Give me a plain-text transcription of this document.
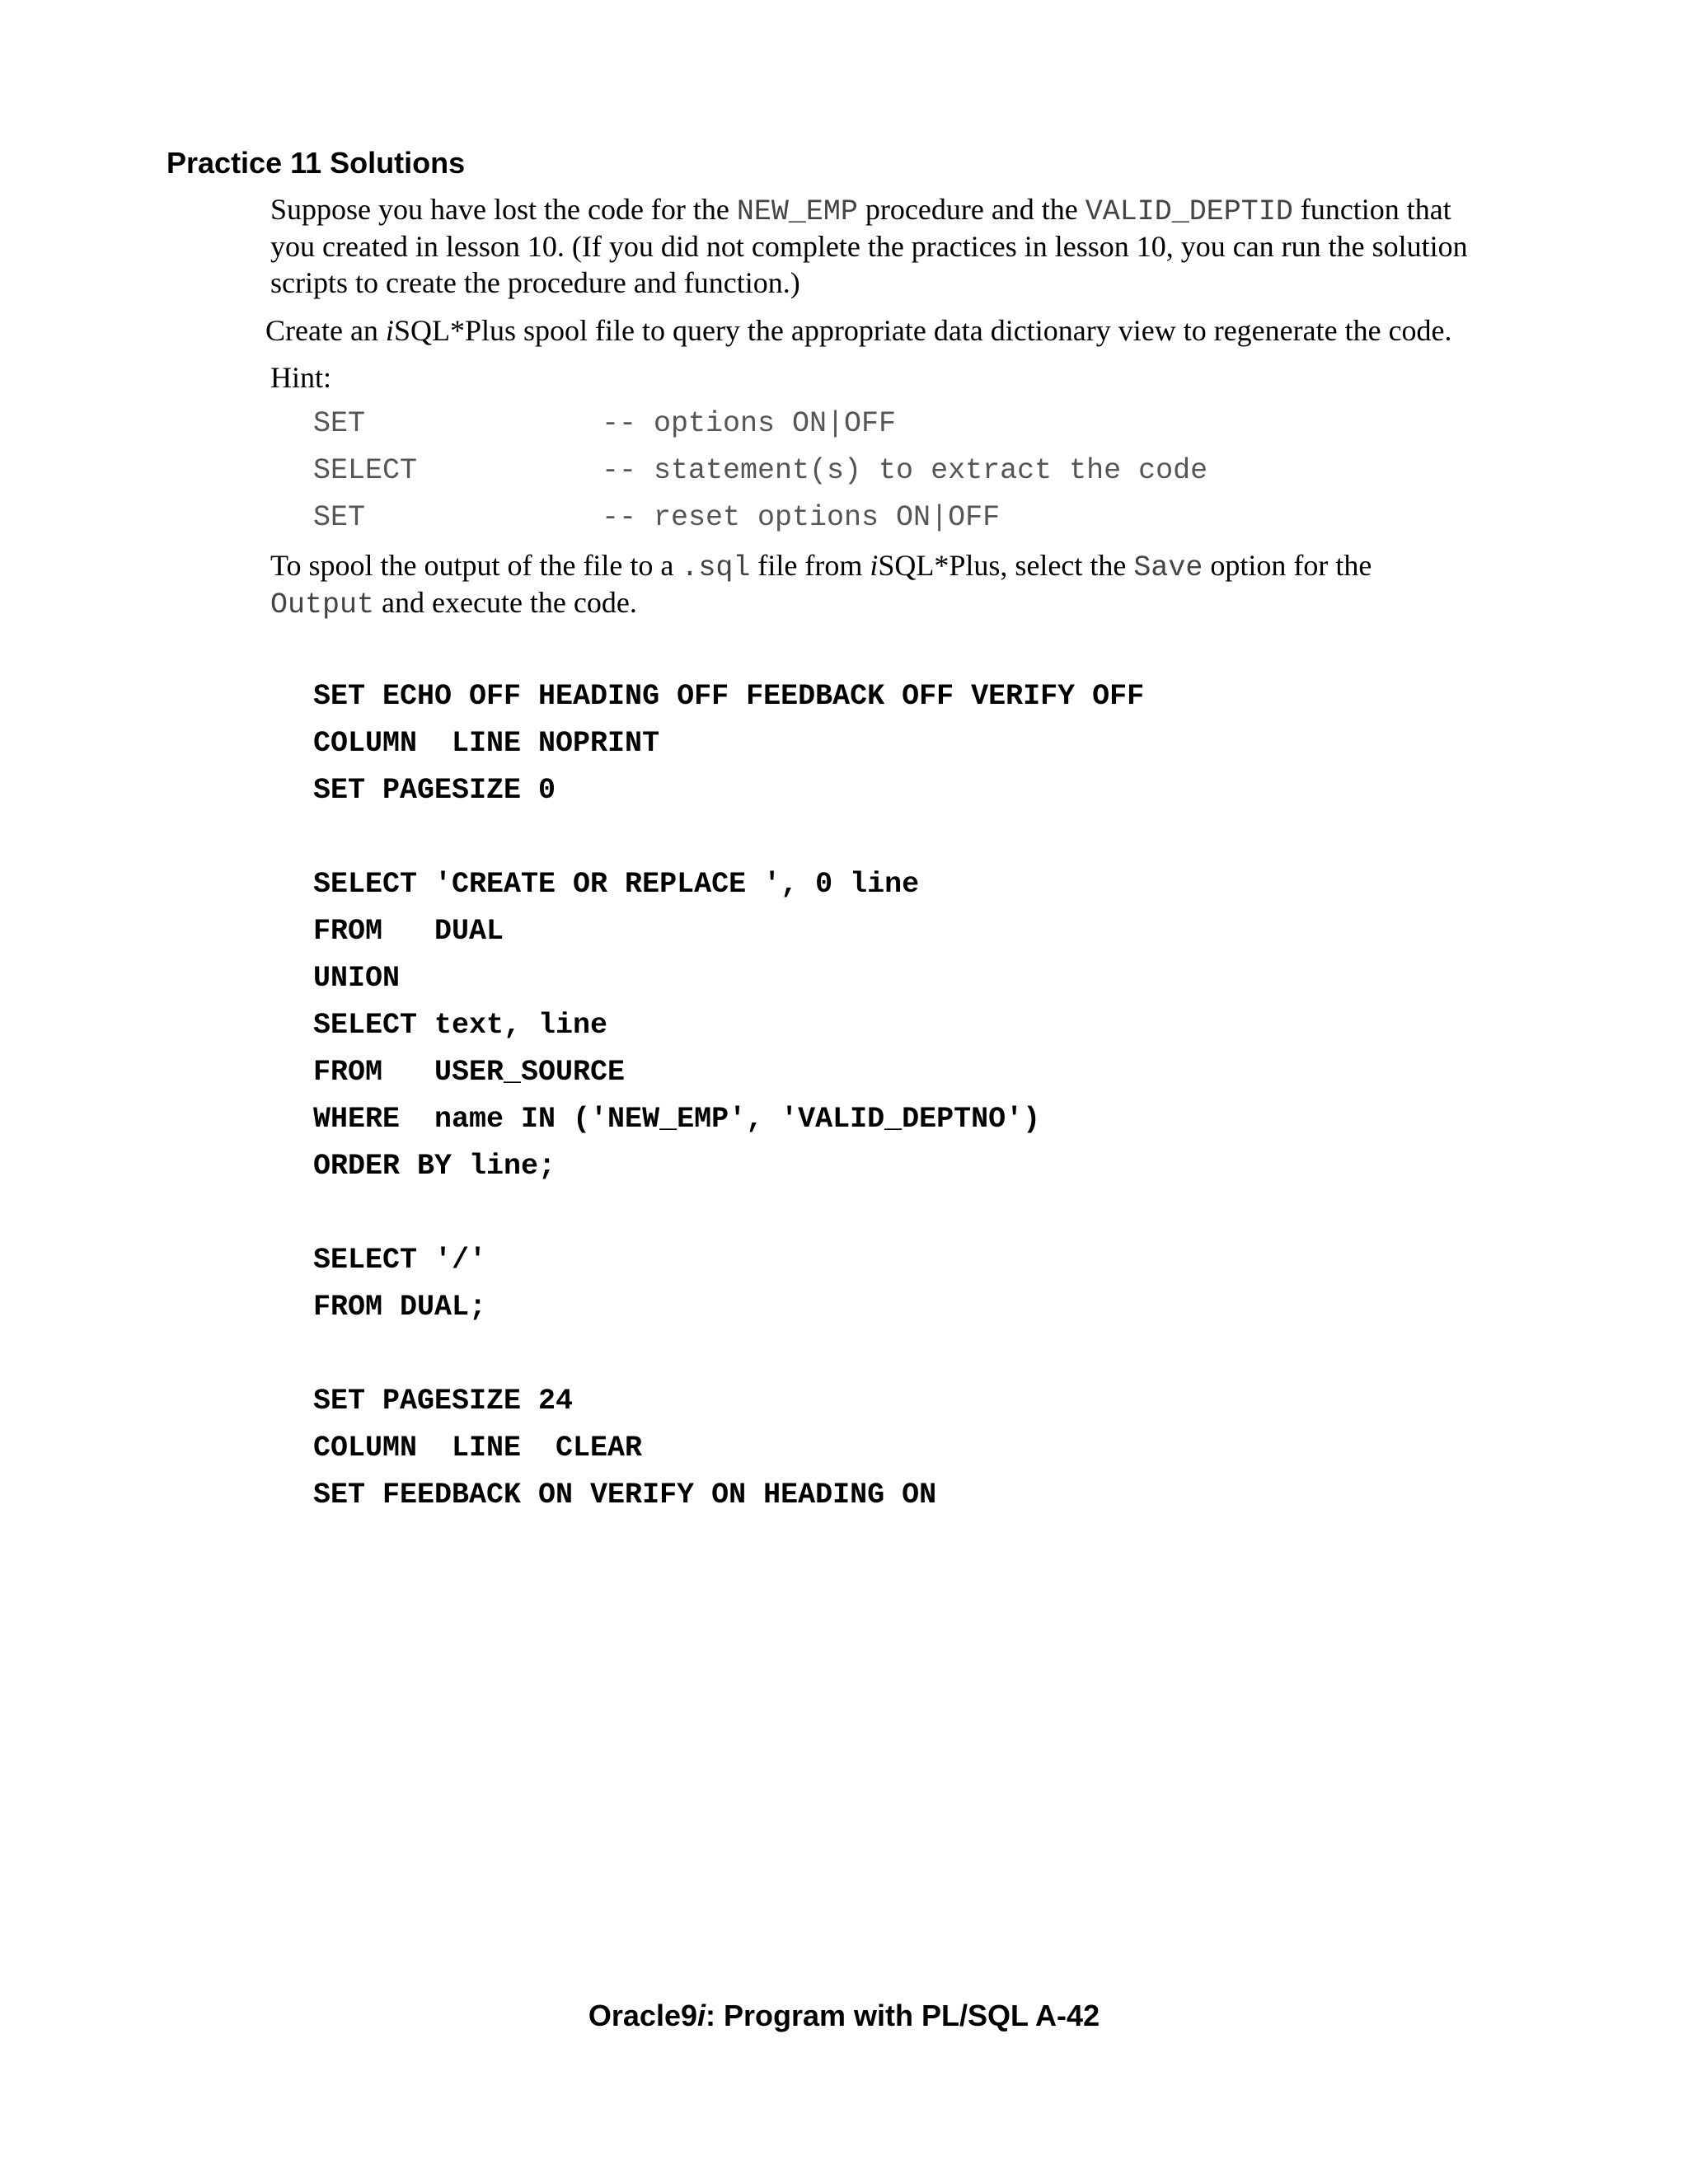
Practice 11 Solutions
Suppose you have lost the code for the NEW_EMP procedure and the VALID_DEPTID function that
you created in lesson 10. (If you did not complete the practices in lesson 10, you can run the solution
scripts to create the procedure and function.)
Create an iSQL*Plus spool file to query the appropriate data dictionary view to regenerate the code.
Hint:
SET	-- options ON|OFF
SELECT	-- statement(s) to extract the code
SET	-- reset options ON|OFF
To spool the output of the file to a .sql file from iSQL*Plus, select the Save option for the
Output and execute the code.
SET ECHO OFF HEADING OFF FEEDBACK OFF VERIFY OFF
COLUMN  LINE NOPRINT
SET PAGESIZE 0
SELECT 'CREATE OR REPLACE ', 0 line
FROM   DUAL
UNION
SELECT text, line
FROM   USER_SOURCE
WHERE  name IN ('NEW_EMP', 'VALID_DEPTNO')
ORDER BY line;
SELECT '/'
FROM DUAL;
SET PAGESIZE 24
COLUMN  LINE  CLEAR
SET FEEDBACK ON VERIFY ON HEADING ON
Oracle9i: Program with PL/SQL A-42
